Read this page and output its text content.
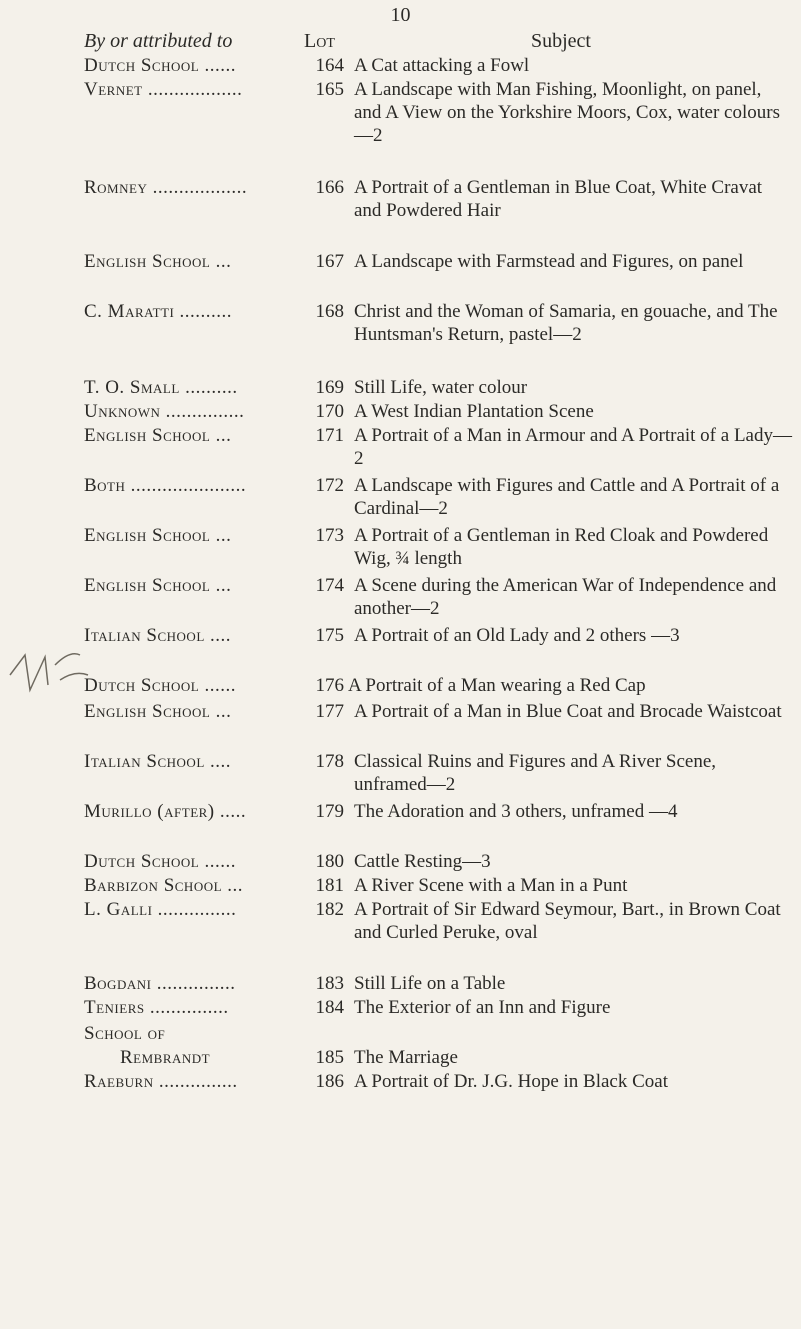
10
By or attributed to	Lot	Subject
Dutch School ......	164 A Cat attacking a Fowl
Vernet ..................	165 A Landscape with Man Fishing, Moonlight, on panel, and A View on the Yorkshire Moors, Cox, water colours —2
Romney ..................	166 A Portrait of a Gentleman in Blue Coat, White Cravat and Powdered Hair
English School ...	167 A Landscape with Farmstead and Figures, on panel
C. Maratti ..........	168 Christ and the Woman of Samaria, en gouache, and The Huntsman's Return, pastel—2
T. O. Small ..........	169 Still Life, water colour
Unknown ...............	170 A West Indian Plantation Scene
English School ...	171 A Portrait of a Man in Armour and A Portrait of a Lady—2
Both ......................	172 A Landscape with Figures and Cattle and A Portrait of a Cardinal—2
English School ...	173 A Portrait of a Gentleman in Red Cloak and Powdered Wig, ¾ length
English School ...	174 A Scene during the American War of Independence and another—2
Italian School ....	175 A Portrait of an Old Lady and 2 others —3
Dutch School ......	176 A Portrait of a Man wearing a Red Cap
English School ...	177 A Portrait of a Man in Blue Coat and Brocade Waistcoat
Italian School ....	178 Classical Ruins and Figures and A River Scene, unframed—2
Murillo (after) .....	179 The Adoration and 3 others, unframed —4
Dutch School ......	180 Cattle Resting—3
Barbizon School ...	181 A River Scene with a Man in a Punt
L. Galli ...............	182 A Portrait of Sir Edward Seymour, Bart., in Brown Coat and Curled Peruke, oval
Bogdani ...............	183 Still Life on a Table
Teniers ...............	184 The Exterior of an Inn and Figure
School of
Rembrandt	185 The Marriage
Raeburn ...............	186 A Portrait of Dr. J.G. Hope in Black Coat
